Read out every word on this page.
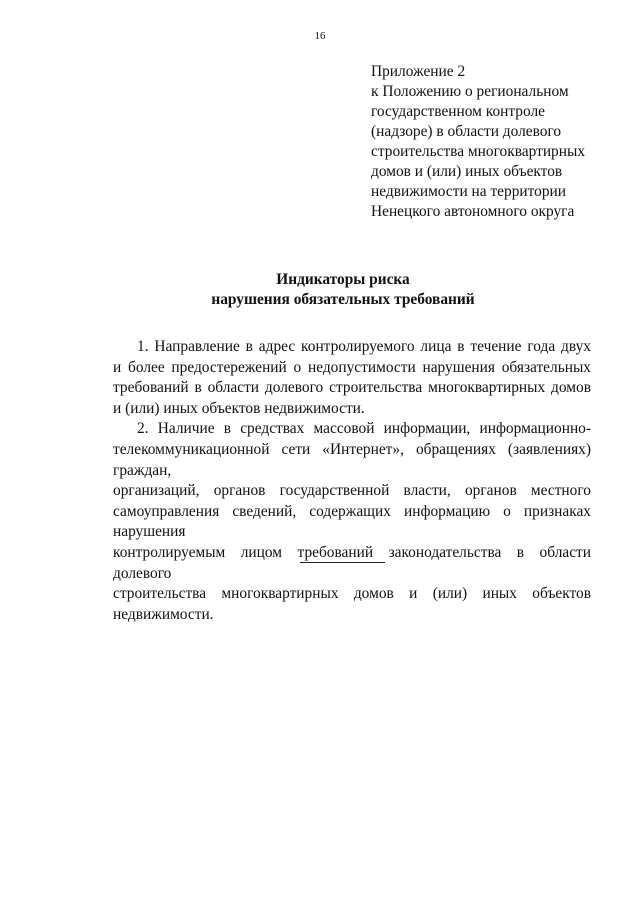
16
Приложение 2
к Положению о региональном
государственном контроле
(надзоре) в области долевого
строительства многоквартирных
домов и (или) иных объектов
недвижимости на территории
Ненецкого автономного округа
Индикаторы риска
нарушения обязательных требований

1. Направление в адрес контролируемого лица в течение года двух
и более предостережений о недопустимости нарушения обязательных
требований в области долевого строительства многоквартирных домов
и (или) иных объектов недвижимости.

2. Наличие в средствах массовой информации, информационно-
телекоммуникационной сети «Интернет», обращениях (заявлениях) граждан,
организаций, органов государственной власти, органов местного
самоуправления сведений, содержащих информацию о признаках нарушения
контролируемым лицом требований законодательства в области долевого
строительства многоквартирных домов и (или) иных объектов недвижимости.
